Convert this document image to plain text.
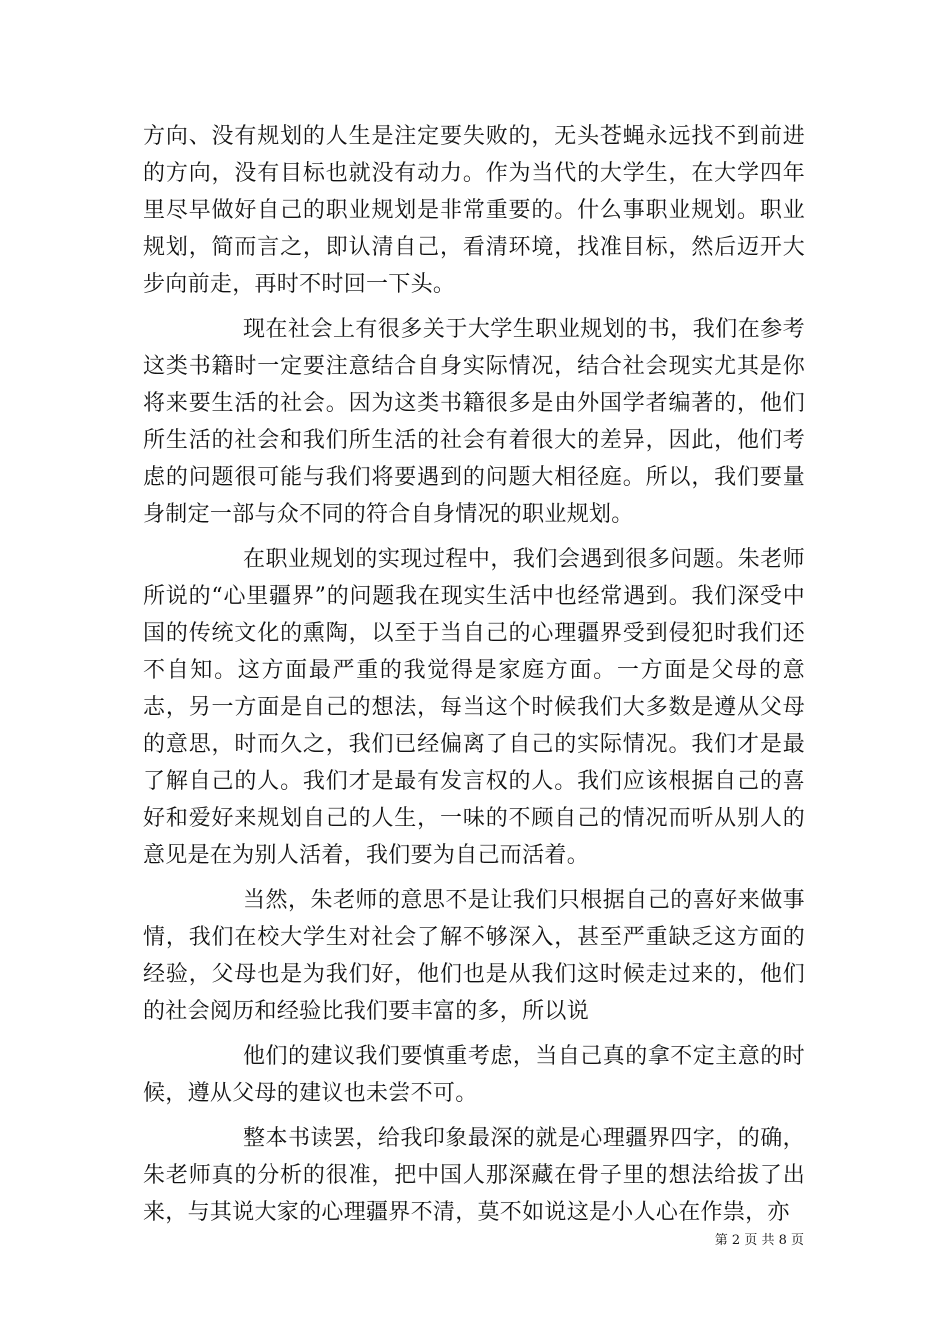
方向、没有规划的人生是注定要失败的，无头苍蝇永远找不到前进的方向，没有目标也就没有动力。作为当代的大学生，在大学四年里尽早做好自己的职业规划是非常重要的。什么事职业规划。职业规划，简而言之，即认清自己，看清环境，找准目标，然后迈开大步向前走，再时不时回一下头。

现在社会上有很多关于大学生职业规划的书，我们在参考这类书籍时一定要注意结合自身实际情况，结合社会现实尤其是你将来要生活的社会。因为这类书籍很多是由外国学者编著的，他们所生活的社会和我们所生活的社会有着很大的差异，因此，他们考虑的问题很可能与我们将要遇到的问题大相径庭。所以，我们要量身制定一部与众不同的符合自身情况的职业规划。

在职业规划的实现过程中，我们会遇到很多问题。朱老师所说的“心里疆界”的问题我在现实生活中也经常遇到。我们深受中国的传统文化的熏陶，以至于当自己的心理疆界受到侵犯时我们还不自知。这方面最严重的我觉得是家庭方面。一方面是父母的意志，另一方面是自己的想法，每当这个时候我们大多数是遵从父母的意思，时而久之，我们已经偏离了自己的实际情况。我们才是最了解自己的人。我们才是最有发言权的人。我们应该根据自己的喜好和爱好来规划自己的人生，一味的不顾自己的情况而听从别人的意见是在为别人活着，我们要为自己而活着。

当然，朱老师的意思不是让我们只根据自己的喜好来做事情，我们在校大学生对社会了解不够深入，甚至严重缺乏这方面的经验，父母也是为我们好，他们也是从我们这时候走过来的，他们的社会阅历和经验比我们要丰富的多，所以说

他们的建议我们要慎重考虑，当自己真的拿不定主意的时候，遵从父母的建议也未尝不可。

整本书读罢，给我印象最深的就是心理疆界四字，的确，朱老师真的分析的很准，把中国人那深藏在骨子里的想法给拔了出来，与其说大家的心理疆界不清，莫不如说这是小人心在作祟，亦

第 2 页 共 8 页
